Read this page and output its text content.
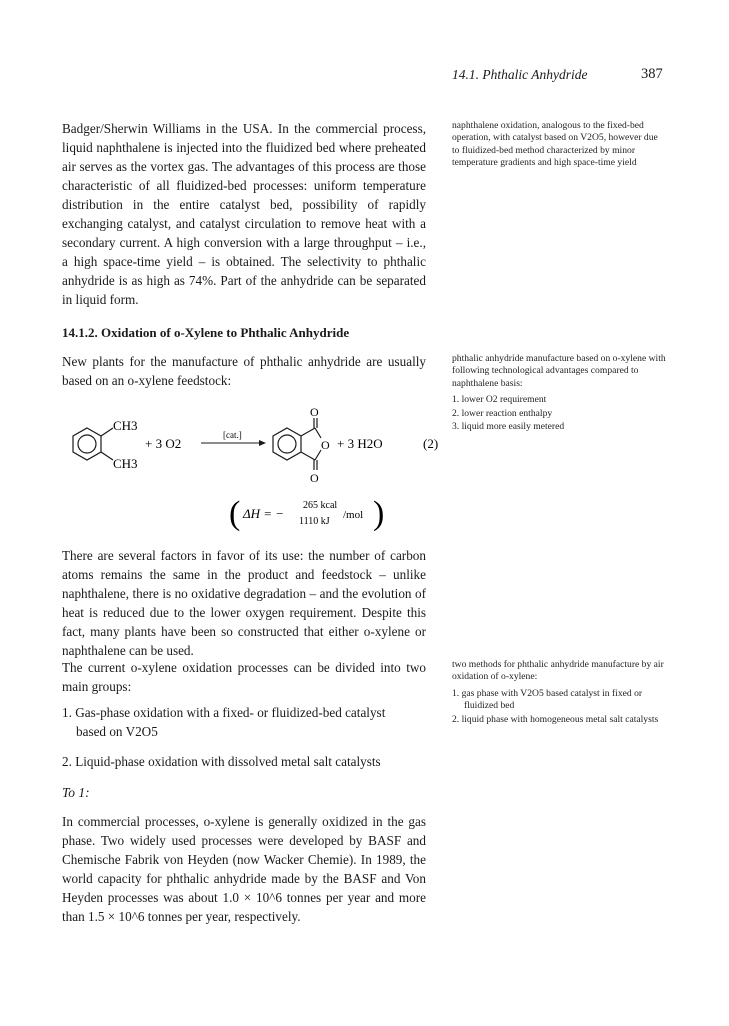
14.1. Phthalic Anhydride	387

Badger/Sherwin Williams in the USA. In the commercial process, liquid naphthalene is injected into the fluidized bed where preheated air serves as the vortex gas. The advantages of this process are those characteristic of all fluidized-bed processes: uniform temperature distribution in the entire catalyst bed, possibility of rapidly exchanging catalyst, and catalyst circulation to remove heat with a secondary current. A high conversion with a large throughput – i.e., a high space-time yield – is obtained. The selectivity to phthalic anhydride is as high as 74%. Part of the anhydride can be separated in liquid form.

naphthalene oxidation, analogous to the fixed-bed operation, with catalyst based on V2O5, however due to fluidized-bed method characterized by minor temperature gradients and high space-time yield

14.1.2. Oxidation of o-Xylene to Phthalic Anhydride

New plants for the manufacture of phthalic anhydride are usually based on an o-xylene feedstock:

phthalic anhydride manufacture based on o-xylene with following technological advantages compared to naphthalene basis:

1. lower O2 requirement
2. lower reaction enthalpy
3. liquid more easily metered
CH3
CH3
+ 3 O2
[cat.]
O
O
O
+ 3 H2O	(2)
( ΔH = −
265 kcal
1110 kJ
/mol )

There are several factors in favor of its use: the number of carbon atoms remains the same in the product and feedstock – unlike naphthalene, there is no oxidative degradation – and the evolution of heat is reduced due to the lower oxygen requirement. Despite this fact, many plants have been so constructed that either o-xylene or naphthalene can be used.

The current o-xylene oxidation processes can be divided into two main groups:

1. Gas-phase oxidation with a fixed- or fluidized-bed catalyst
based on V2O5
2. Liquid-phase oxidation with dissolved metal salt catalysts

two methods for phthalic anhydride manufacture by air oxidation of o-xylene:

1. gas phase with V2O5 based catalyst in fixed or fluidized bed
2. liquid phase with homogeneous metal salt catalysts
To 1:

In commercial processes, o-xylene is generally oxidized in the gas phase. Two widely used processes were developed by BASF and Chemische Fabrik von Heyden (now Wacker Chemie). In 1989, the world capacity for phthalic anhydride made by the BASF and Von Heyden processes was about 1.0 × 10^6 tonnes per year and more than 1.5 × 10^6 tonnes per year, respectively.
